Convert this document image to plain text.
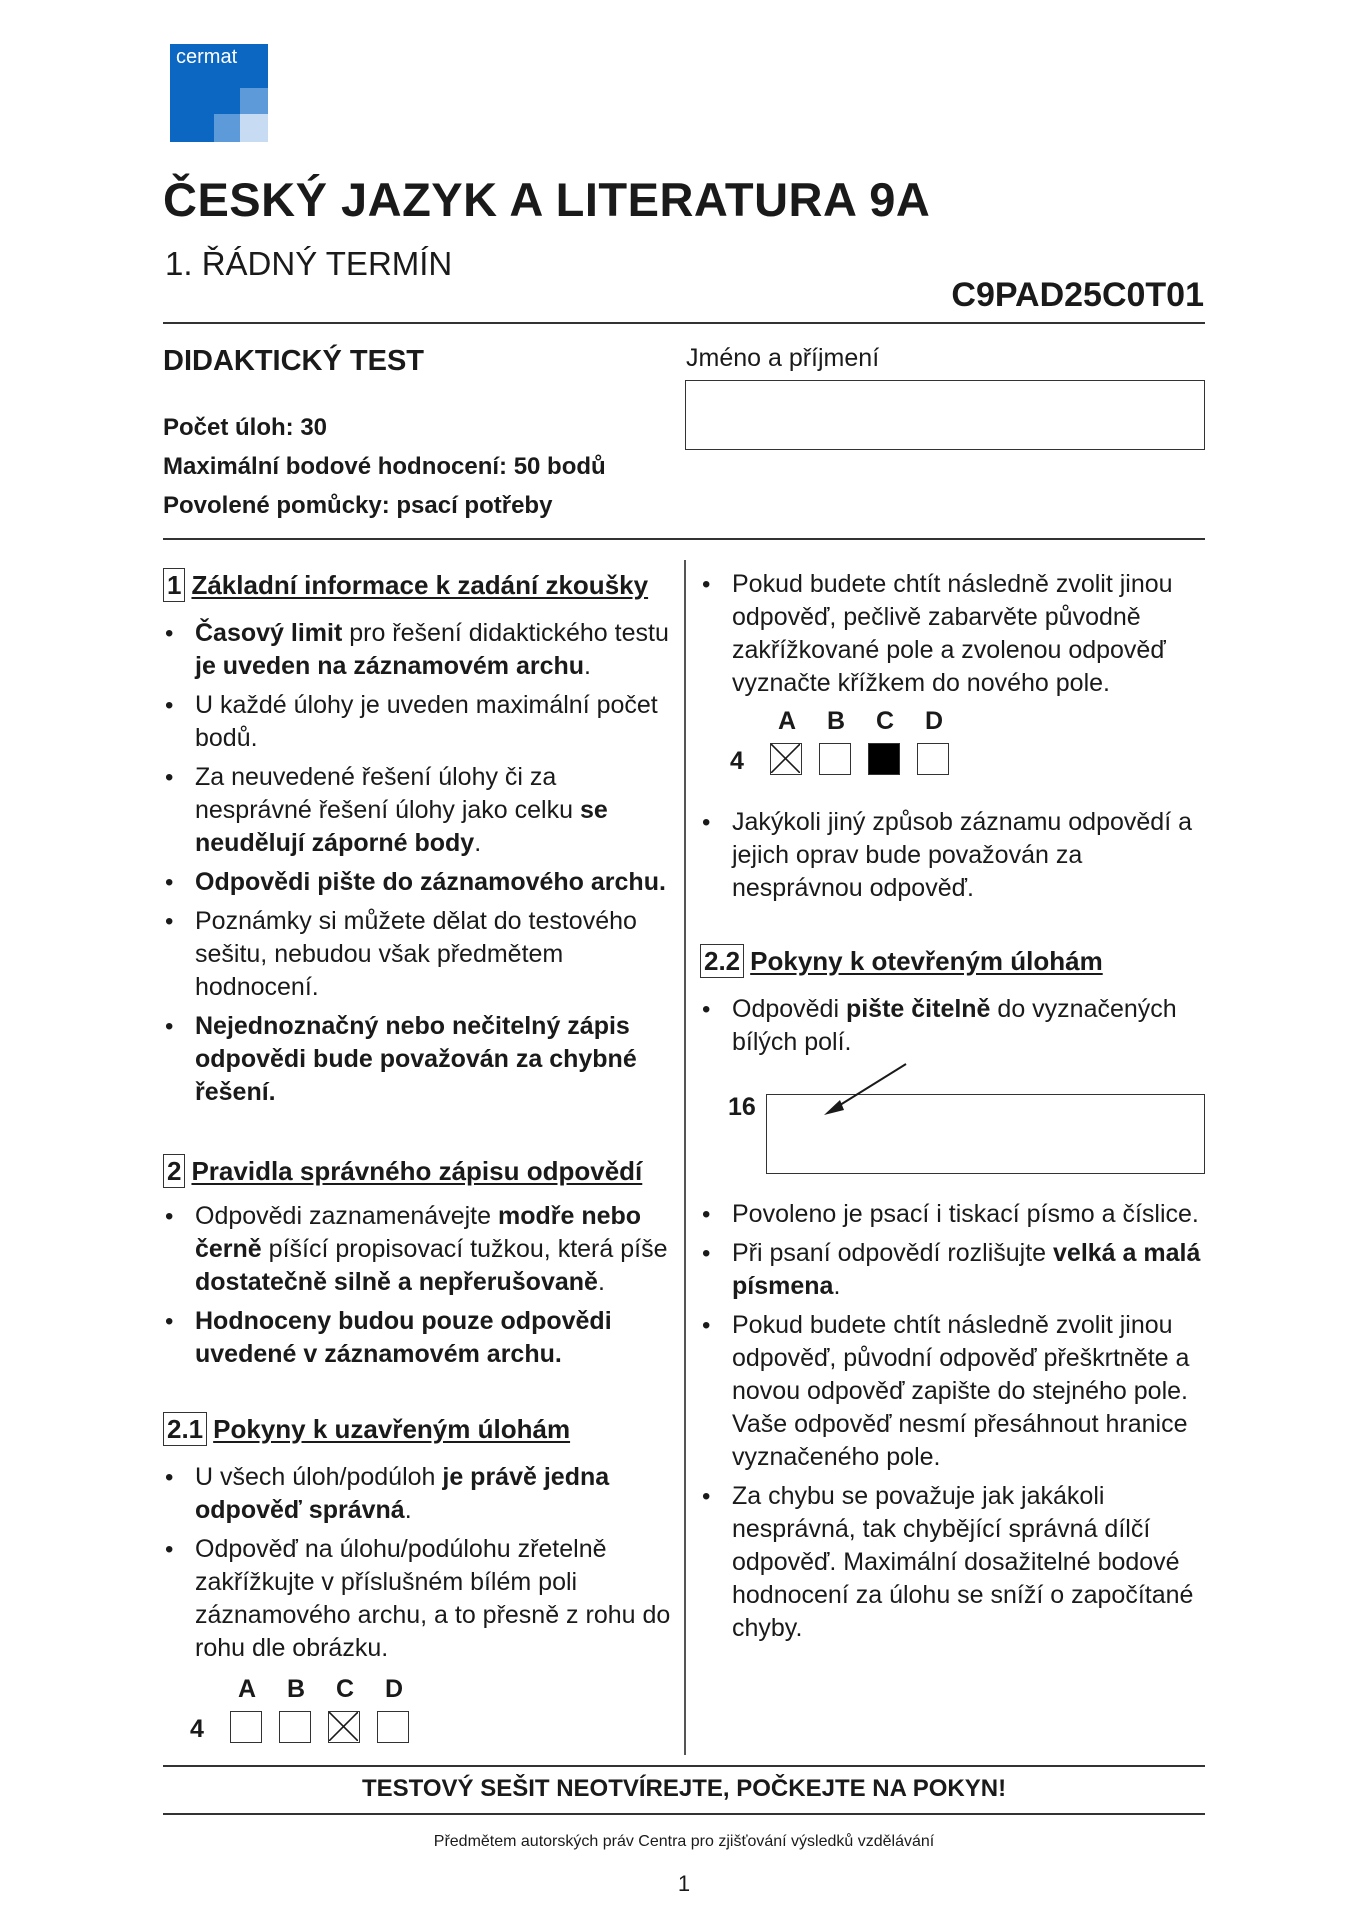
cermat
ČESKÝ JAZYK A LITERATURA 9A
1. ŘÁDNÝ TERMÍN
C9PAD25C0T01
DIDAKTICKÝ TEST
Počet úloh: 30
Maximální bodové hodnocení: 50 bodů
Povolené pomůcky: psací potřeby
Jméno a příjmení
1 Základní informace k zadání zkoušky
• Časový limit pro řešení didaktického testu je uveden na záznamovém archu.
• U každé úlohy je uveden maximální počet bodů.
• Za neuvedené řešení úlohy či za nesprávné řešení úlohy jako celku se neudělují záporné body.
• Odpovědi pište do záznamového archu.
• Poznámky si můžete dělat do testového sešitu, nebudou však předmětem hodnocení.
• Nejednoznačný nebo nečitelný zápis odpovědi bude považován za chybné řešení.
2 Pravidla správného zápisu odpovědí
• Odpovědi zaznamenávejte modře nebo černě píšící propisovací tužkou, která píše dostatečně silně a nepřerušovaně.
• Hodnoceny budou pouze odpovědi uvedené v záznamovém archu.
2.1 Pokyny k uzavřeným úlohám
• U všech úloh/podúloh je právě jedna odpověď správná.
• Odpověď na úlohu/podúlohu zřetelně zakřížkujte v příslušném bílém poli záznamového archu, a to přesně z rohu do rohu dle obrázku.
A B C D
4
• Pokud budete chtít následně zvolit jinou odpověď, pečlivě zabarvěte původně zakřížkované pole a zvolenou odpověď vyznačte křížkem do nového pole.
A B C D
4
• Jakýkoli jiný způsob záznamu odpovědí a jejich oprav bude považován za nesprávnou odpověď.
2.2 Pokyny k otevřeným úlohám
• Odpovědi pište čitelně do vyznačených bílých polí.
16
• Povoleno je psací i tiskací písmo a číslice.
• Při psaní odpovědí rozlišujte velká a malá písmena.
• Pokud budete chtít následně zvolit jinou odpověď, původní odpověď přeškrtněte a novou odpověď zapište do stejného pole. Vaše odpověď nesmí přesáhnout hranice vyznačeného pole.
• Za chybu se považuje jak jakákoli nesprávná, tak chybějící správná dílčí odpověď. Maximální dosažitelné bodové hodnocení za úlohu se sníží o započítané chyby.
TESTOVÝ SEŠIT NEOTVÍREJTE, POČKEJTE NA POKYN!
Předmětem autorských práv Centra pro zjišťování výsledků vzdělávání
1
